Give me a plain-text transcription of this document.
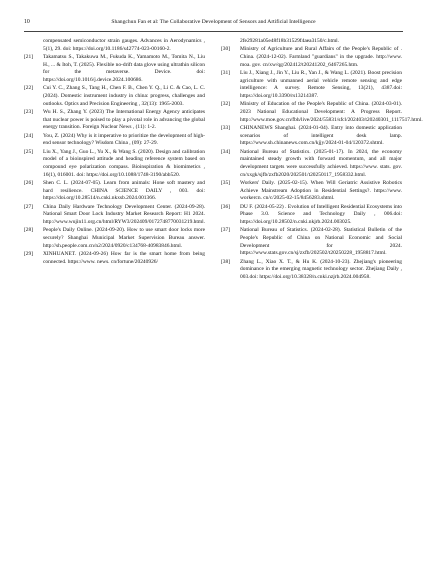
10	Shangchun Fan et al: The Collaborative Development of Sensors and Artificial Intelligence
compensated semiconductor strain gauges. Advances in Aerodynamics , 5(1), 29. doi: https://doi.org/10.1186/s42774-023-00160-2.
[21] Takamatsu S., Takakuwa M., Fukuda K., Yamamoto M., Tomita N., Liu H., ... & Itoh, T. (2025). Flexible no-drift data glove using ultrathin silicon for the metaverse. Device. doi: https://doi.org/10.1016/j.device.2024.100686.
[22] Cui Y. C., Zhang S., Tang H., Chen F. B., Chen Y. Q., Li C. & Cao, L. C. (2024). Domestic instrument industry in china: progress, challenges and outlooks. Optics and Precision Engineering , 32(13): 1965-2003.
[23] Wu H. S., Zhang Y. (2023) The International Energy Agency anticipates that nuclear power is poised to play a pivotal role in advancing the global energy transition. Foreign Nuclear News , (11): 1-2.
[24] You, Z. (2024) Why is it imperative to prioritize the development of high-end sensor technology? Wisdom China , (09): 27-29.
[25] Liu X., Yang J., Guo L., Yu X., & Wang S. (2020). Design and calibration model of a bioinspired attitude and heading reference system based on compound eye polarization compass. Bioinspiration & biomimetics , 16(1), 016001. doi: https://doi.org/10.1088/1748-3190/abb520.
[26] Shen C. L. (2024-07-05). Learn from animals: Hone soft mastery and hard resilience. CHINA SCIENCE DAILY , 003. doi: https://doi.org/10.28514/n.cnki.nkxsb.2024.001366.
[27] China Daily Hardware Technology Development Center. (2024-09-28). National Smart Door Lock Industry Market Research Report: H1 2024. http://www.wujin11.org.cn/html/RYW3/202409/0172748770031219.html.
[28] People's Daily Online. (2024-09-20). How to use smart door locks more securely? Shanghai Municipal Market Supervision Bureau answer. http://sh.people.com.cn/n2/2024/0920/c134768-40983846.html.
[29] XINHUANET. (2024-09-26) How far is the smart home from being connected. https://www. news. cn/fortune/20240926/
2fe29281a05e48f18b31529f4aea3150/c.html.
[30] Ministry of Agriculture and Rural Affairs of the People's Republic of . China. (2024-12-02). Farmland "guardians" in the upgrade. http://www. moa. gov. cn/xw/qg/202412/t20241202_6467265.htm.
[31] Liu J., Xiang J., Jin Y., Liu R., Yan J., & Wang L. (2021). Boost precision agriculture with unmanned aerial vehicle remote sensing and edge intelligence: A survey. Remote Sensing, 13(21), 4387.doi: https://doi.org/10.3390/rs13214387.
[32] Ministry of Education of the People's Republic of China. (2024-03-01). 2023 National Educational Development: A Progress Report. http://www.moe.gov.cn/fbh/live/2024/55831/sfcl/202403/t20240301_1117517.html.
[33] CHINANEWS Shanghai. (2024-01-04). Entry into domestic application scenarios of intelligent desk lamp. https://www.sh.chinanews.com.cn/kjjy/2024-01-04/120372.shtml.
[34] National Bureau of Statistics. (2025-01-17). In 2024, the economy maintained steady growth with forward momentum, and all major development targets were successfully achieved. https://www. stats. gov. cn/xxgk/sjfb/zxfb2020/202501/t20250117_1958332.html.
[35] Workers' Daily. (2025-02-15). When Will Geriatric Assistive Robotics Achieve Mainstream Adoption in Residential Settings?. https://www. workercn. cn/c/2025-02-15/8456283.shtml.
[36] DU F. (2024-05-22) . Evolution of Intelligent Residential Ecosystems into Phase 3.0. Science and Technology Daily , 006.doi: https://doi.org/10.28502/n.cnki.nkjrb.2024.003025.
[37] National Bureau of Statistics. (2024-02-28). Statistical Bulletin of the People's Republic of China on National Economic and Social Development for 2024. https://www.stats.gov.cn/sj/zxfb/202502/t20250228_1958817.html.
[38] Zhang L., Xiao X. T., & Hu K. (2024-10-23). Zhejiang's pioneering dominance in the emerging magnetic technology sector. Zhejiang Daily , 003.doi: https://doi.org/10.38328/n.cnki.nzjrb.2024.004958.
